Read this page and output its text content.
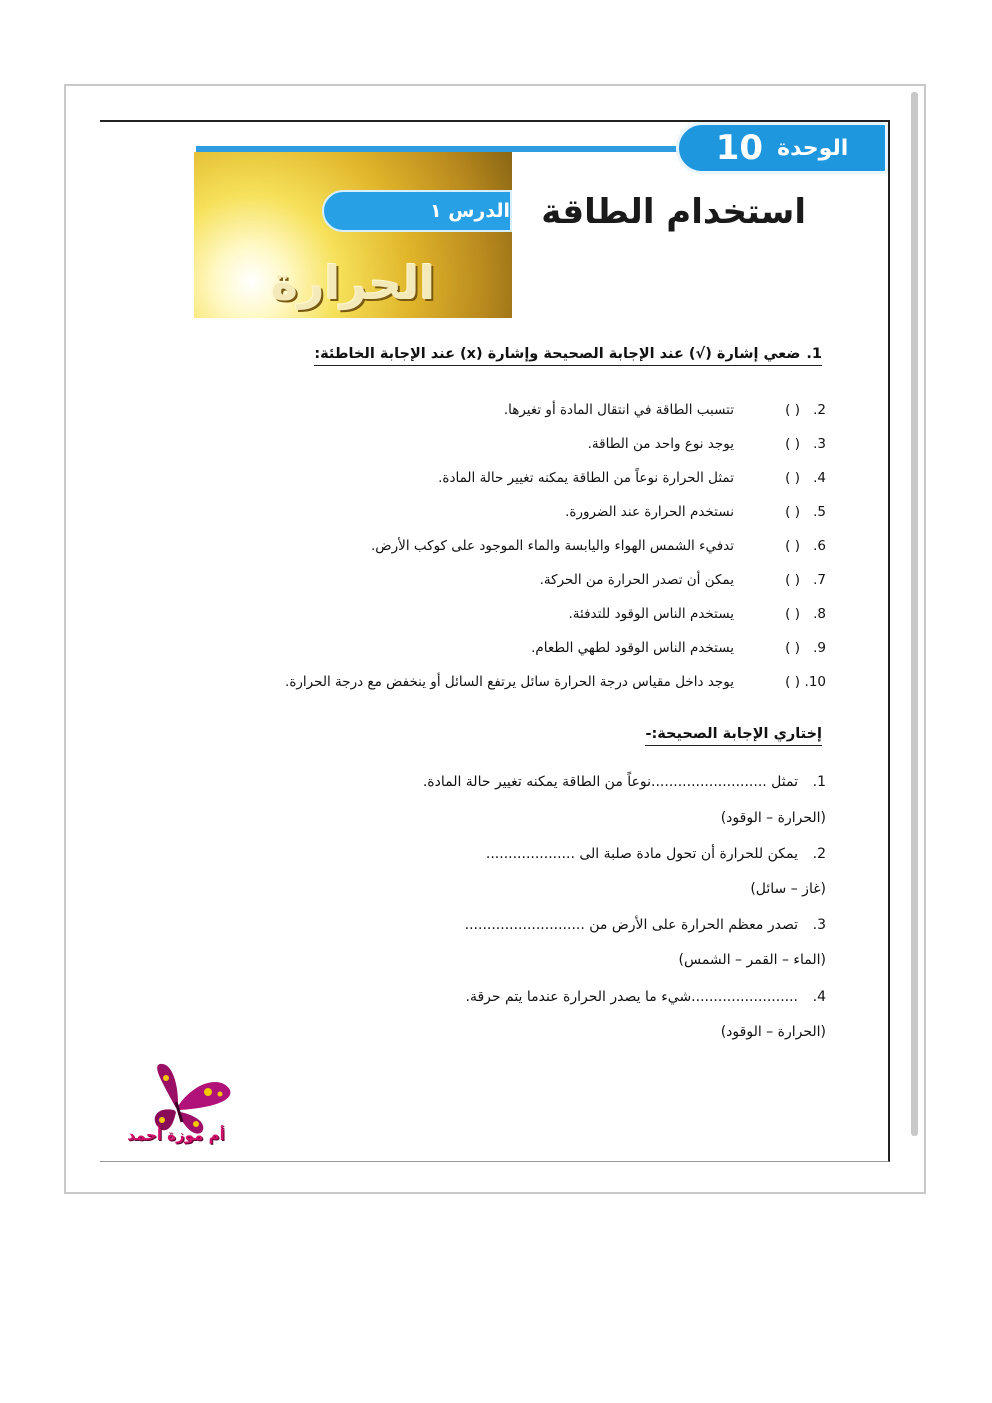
الوحدة
10
الدرس ١
الحرارة
استخدام الطاقة
1.ضعي إشارة (√) عند الإجابة الصحيحة وإشارة (x) عند الإجابة الخاطئة:
2.
( )
تتسبب الطاقة في انتقال المادة أو تغيرها.
3.
( )
يوجد نوع واحد من الطاقة.
4.
( )
تمثل الحرارة نوعاً من الطاقة يمكنه تغيير حالة المادة.
5.
( )
نستخدم الحرارة عند الضرورة.
6.
( )
تدفيء الشمس الهواء واليابسة والماء الموجود على كوكب الأرض.
7.
( )
يمكن أن تصدر الحرارة من الحركة.
8.
( )
يستخدم الناس الوقود للتدفئة.
9.
( )
يستخدم الناس الوقود لطهي الطعام.
10.
( )
يوجد داخل مقياس درجة الحرارة سائل يرتفع السائل أو ينخفض مع درجة الحرارة.
إختاري الإجابة الصحيحة:-
1.
تمثل ..........................نوعاً من الطاقة يمكنه تغيير حالة المادة.
(الحرارة – الوقود)
2.
يمكن للحرارة أن تحول مادة صلبة الى ....................
(غاز – سائل)
3.
تصدر معظم الحرارة على الأرض من ...........................
(الماء – القمر – الشمس)
4.
........................شيء ما يصدر الحرارة عندما يتم حرقة.
(الحرارة – الوقود)
أم موزة أحمد
